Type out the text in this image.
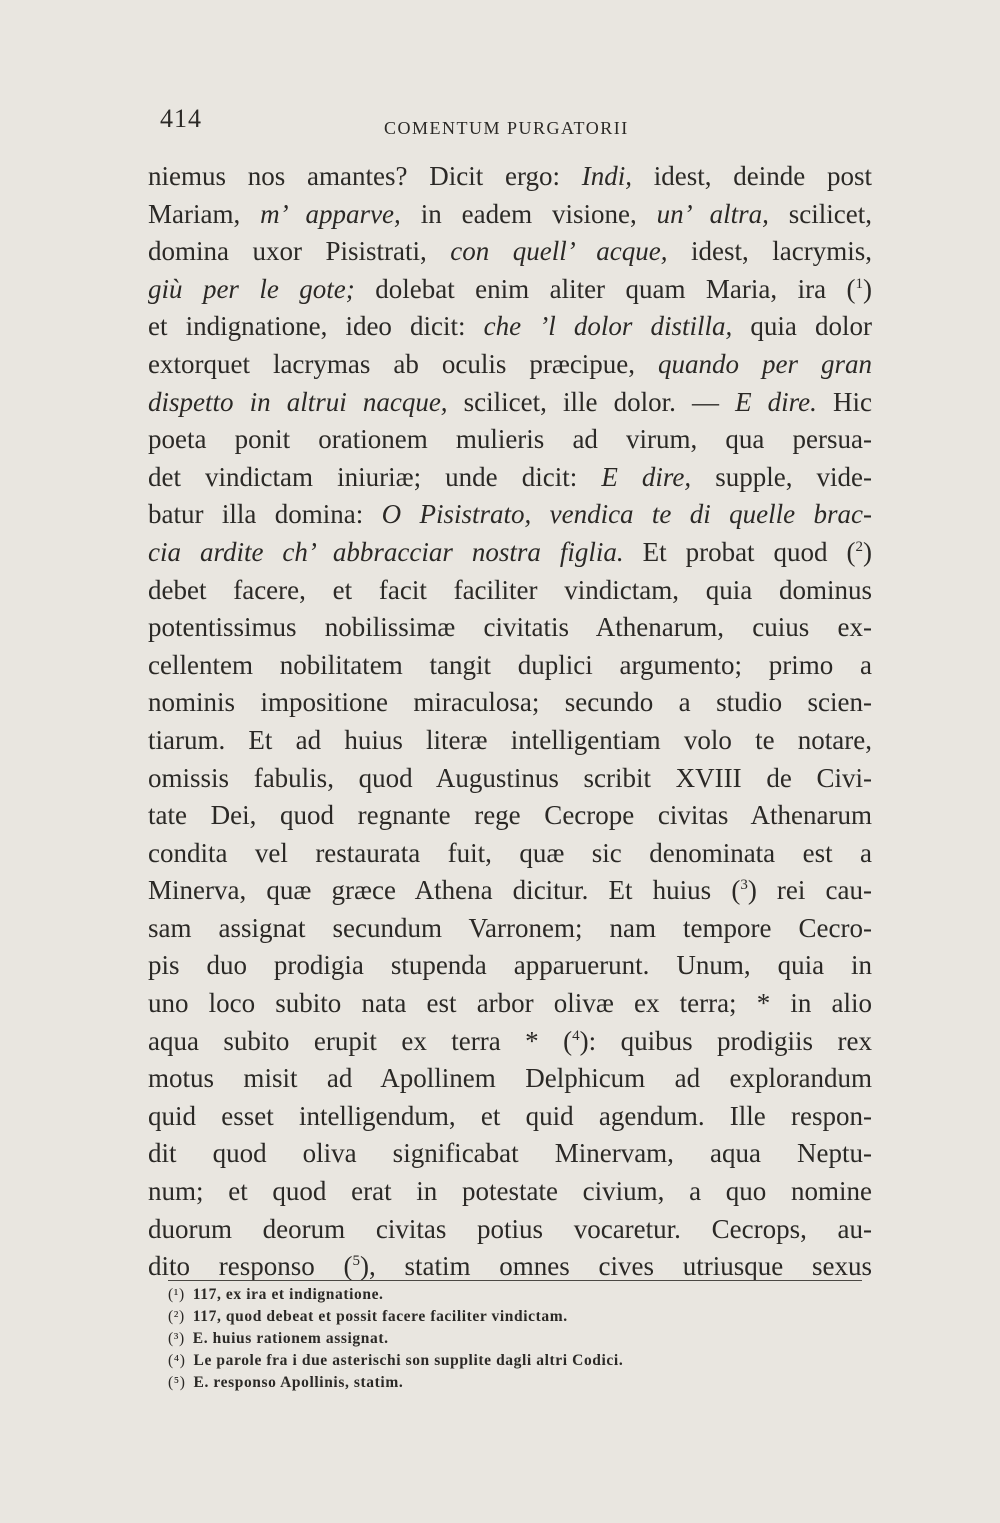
414	COMENTUM PURGATORII
niemus nos amantes? Dicit ergo: Indi, idest, deinde post
Mariam, m’ apparve, in eadem visione, un’ altra, scilicet,
domina uxor Pisistrati, con quell’ acque, idest, lacrymis,
giù per le gote; dolebat enim aliter quam Maria, ira ($^1$)
et indignatione, ideo dicit: che ’l dolor distilla, quia dolor
extorquet lacrymas ab oculis præcipue, quando per gran
dispetto in altrui nacque, scilicet, ille dolor. — E dire. Hic
poeta ponit orationem mulieris ad virum, qua persua-
det vindictam iniuriæ; unde dicit: E dire, supple, vide-
batur illa domina: O Pisistrato, vendica te di quelle brac-
cia ardite ch’ abbracciar nostra figlia. Et probat quod ($^2$)
debet facere, et facit faciliter vindictam, quia dominus
potentissimus nobilissimæ civitatis Athenarum, cuius ex-
cellentem nobilitatem tangit duplici argumento; primo a
nominis impositione miraculosa; secundo a studio scien-
tiarum. Et ad huius literæ intelligentiam volo te notare,
omissis fabulis, quod Augustinus scribit XVIII de Civi-
tate Dei, quod regnante rege Cecrope civitas Athenarum
condita vel restaurata fuit, quæ sic denominata est a
Minerva, quæ græce Athena dicitur. Et huius ($^3$) rei cau-
sam assignat secundum Varronem; nam tempore Cecro-
pis duo prodigia stupenda apparuerunt. Unum, quia in
uno loco subito nata est arbor olivæ ex terra; * in alio
aqua subito erupit ex terra * ($^4$): quibus prodigiis rex
motus misit ad Apollinem Delphicum ad explorandum
quid esset intelligendum, et quid agendum. Ille respon-
dit quod oliva significabat Minervam, aqua Neptu-
num; et quod erat in potestate civium, a quo nomine
duorum deorum civitas potius vocaretur. Cecrops, au-
dito responso ($^5$), statim omnes cives utriusque sexus
(¹) 117, ex ira et indignatione.
(²) 117, quod debeat et possit facere faciliter vindictam.
(³) E. huius rationem assignat.
(⁴) Le parole fra i due asterischi son supplite dagli altri Codici.
(⁵) E. responso Apollinis, statim.
